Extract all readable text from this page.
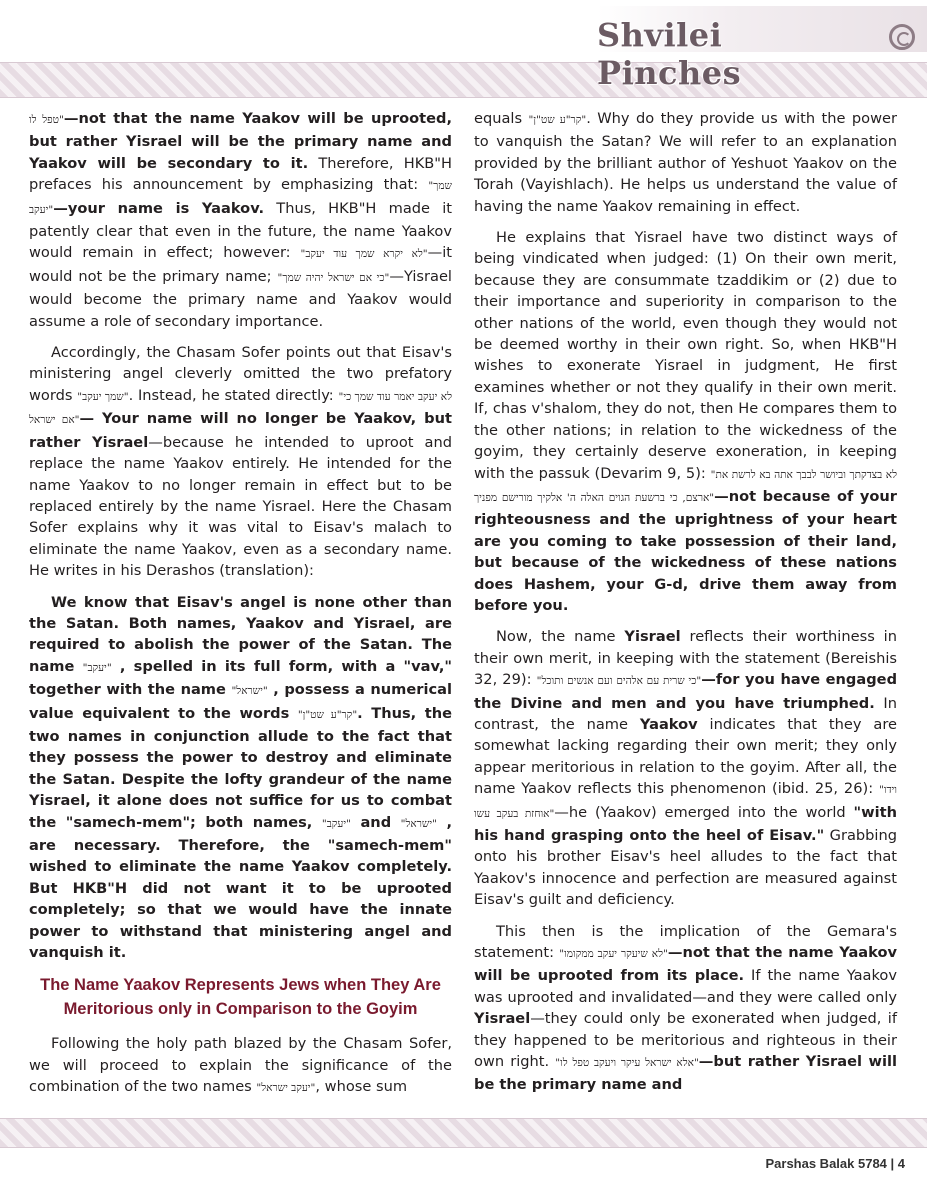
Shvilei Pinches

טפל לו"—not that the name Yaakov will be uprooted, but rather Yisrael will be the primary name and Yaakov will be secondary to it. Therefore, HKB"H prefaces his announcement by emphasizing that: "שמך יעקב"—your name is Yaakov. Thus, HKB"H made it patently clear that even in the future, the name Yaakov would remain in effect; however: "לא יקרא שמך עוד יעקב"—it would not be the primary name; "כי אם ישראל יהיה שמך"—Yisrael would become the primary name and Yaakov would assume a role of secondary importance.

Accordingly, the Chasam Sofer points out that Eisav's ministering angel cleverly omitted the two prefatory words "שמך יעקב". Instead, he stated directly: "לא יעקב יאמר עוד שמך כי אם ישראל"— Your name will no longer be Yaakov, but rather Yisrael—because he intended to uproot and replace the name Yaakov entirely. He intended for the name Yaakov to no longer remain in effect but to be replaced entirely by the name Yisrael. Here the Chasam Sofer explains why it was vital to Eisav's malach to eliminate the name Yaakov, even as a secondary name. He writes in his Derashos (translation):

We know that Eisav's angel is none other than the Satan. Both names, Yaakov and Yisrael, are required to abolish the power of the Satan. The name "יעקב" , spelled in its full form, with a "vav," together with the name "ישראל" , possess a numerical value equivalent to the words "קר"ע שט"ן". Thus, the two names in conjunction allude to the fact that they possess the power to destroy and eliminate the Satan. Despite the lofty grandeur of the name Yisrael, it alone does not suffice for us to combat the "samech-mem"; both names, "יעקב" and "ישראל" , are necessary. Therefore, the "samech-mem" wished to eliminate the name Yaakov completely. But HKB"H did not want it to be uprooted completely; so that we would have the innate power to withstand that ministering angel and vanquish it.

The Name Yaakov Represents Jews when They Are Meritorious only in Comparison to the Goyim

Following the holy path blazed by the Chasam Sofer, we will proceed to explain the significance of the combination of the two names "יעקב ישראל", whose sum

equals "קר"ע שט"ן". Why do they provide us with the power to vanquish the Satan? We will refer to an explanation provided by the brilliant author of Yeshuot Yaakov on the Torah (Vayishlach). He helps us understand the value of having the name Yaakov remaining in effect.

He explains that Yisrael have two distinct ways of being vindicated when judged: (1) On their own merit, because they are consummate tzaddikim or (2) due to their importance and superiority in comparison to the other nations of the world, even though they would not be deemed worthy in their own right. So, when HKB"H wishes to exonerate Yisrael in judgment, He first examines whether or not they qualify in their own merit. If, chas v'shalom, they do not, then He compares them to the other nations; in relation to the wickedness of the goyim, they certainly deserve exoneration, in keeping with the passuk (Devarim 9, 5): "לא בצדקתך וביושר לבבך אתה בא לרשת את ארצם, כי ברשעת הגוים האלה ה' אלקיך מורישם מפניך"—not because of your righteousness and the uprightness of your heart are you coming to take possession of their land, but because of the wickedness of these nations does Hashem, your G-d, drive them away from before you.

Now, the name Yisrael reflects their worthiness in their own merit, in keeping with the statement (Bereishis 32, 29): "כי שרית עם אלהים ועם אנשים ותוכל"—for you have engaged the Divine and men and you have triumphed. In contrast, the name Yaakov indicates that they are somewhat lacking regarding their own merit; they only appear meritorious in relation to the goyim. After all, the name Yaakov reflects this phenomenon (ibid. 25, 26): "וידו אוחזת בעקב עשו"—he (Yaakov) emerged into the world "with his hand grasping onto the heel of Eisav." Grabbing onto his brother Eisav's heel alludes to the fact that Yaakov's innocence and perfection are measured against Eisav's guilt and deficiency.

This then is the implication of the Gemara's statement: "לא שיעקר יעקב ממקומו"—not that the name Yaakov will be uprooted from its place. If the name Yaakov was uprooted and invalidated—and they were called only Yisrael—they could only be exonerated when judged, if they happened to be meritorious and righteous in their own right. "אלא ישראל עיקר ויעקב טפל לו"—but rather Yisrael will be the primary name and

Parshas Balak 5784 | 4
